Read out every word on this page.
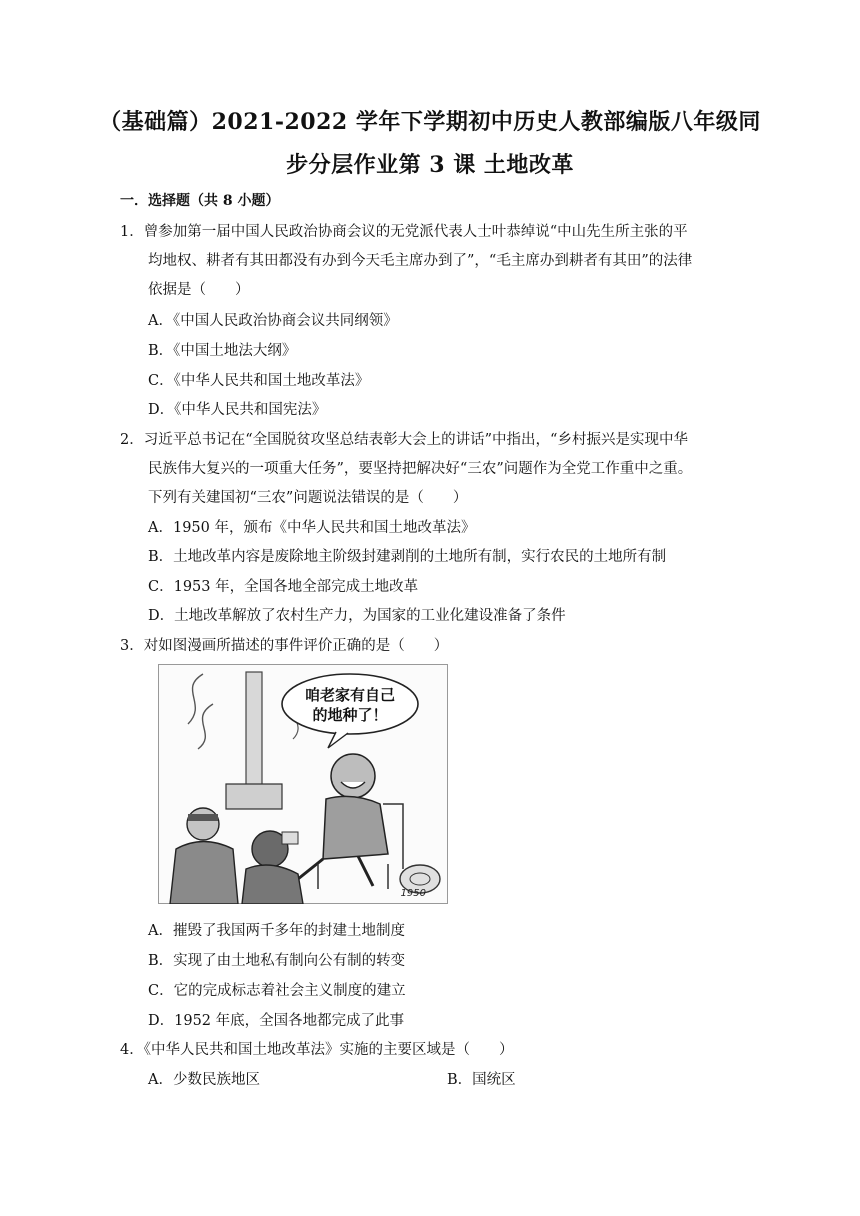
（基础篇）2021-2022 学年下学期初中历史人教部编版八年级同
步分层作业第 3 课 土地改革
一．选择题（共 8 小题）
1．曾参加第一届中国人民政治协商会议的无党派代表人士叶恭绰说“中山先生所主张的平
均地权、耕者有其田都没有办到今天毛主席办到了”，“毛主席办到耕者有其田”的法律
依据是（　　）
A．《中国人民政治协商会议共同纲领》
B．《中国土地法大纲》
C．《中华人民共和国土地改革法》
D．《中华人民共和国宪法》
2．习近平总书记在“全国脱贫攻坚总结表彰大会上的讲话”中指出，“乡村振兴是实现中华
民族伟大复兴的一项重大任务”，要坚持把解决好“三农”问题作为全党工作重中之重。
下列有关建国初“三农”问题说法错误的是（　　）
A．1950 年，颁布《中华人民共和国土地改革法》
B．土地改革内容是废除地主阶级封建剥削的土地所有制，实行农民的土地所有制
C．1953 年，全国各地全部完成土地改革
D．土地改革解放了农村生产力，为国家的工业化建设准备了条件
3．对如图漫画所描述的事件评价正确的是（　　）
咱老家有自己
的地种了！
1950
A．摧毁了我国两千多年的封建土地制度
B．实现了由土地私有制向公有制的转变
C．它的完成标志着社会主义制度的建立
D．1952 年底，全国各地都完成了此事
4．《中华人民共和国土地改革法》实施的主要区域是（　　）
A．少数民族地区	B．国统区
